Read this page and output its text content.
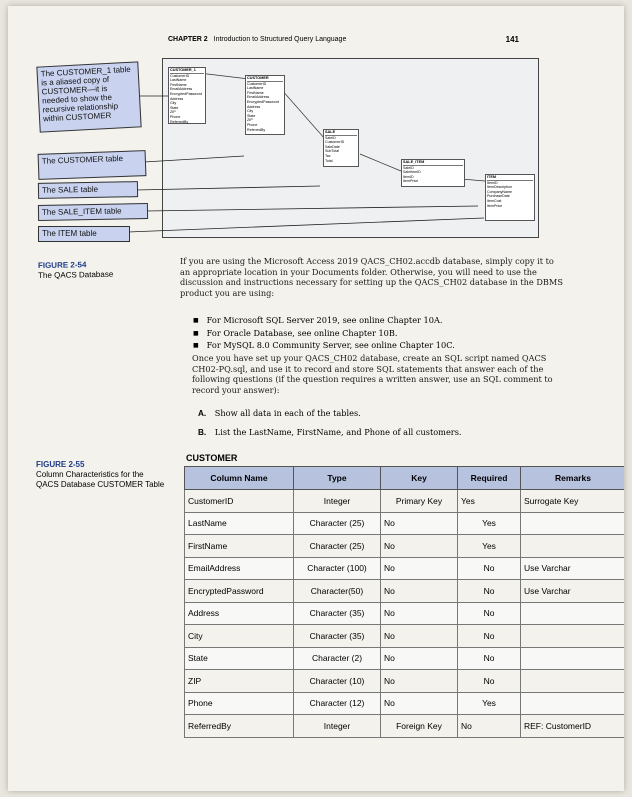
CHAPTER 2 Introduction to Structured Query Language	141
CUSTOMER_1
CustomerID
LastName
FirstName
EmailAddress
EncryptedPassword
Address
City
State
ZIP
Phone
ReferredBy
CUSTOMER
CustomerID
LastName
FirstName
EmailAddress
EncryptedPassword
Address
City
State
ZIP
Phone
ReferredBy
SALE
SaleID
CustomerID
SaleDate
SubTotal
Tax
Total	SALE_ITEM
SaleID
SaleItemID
ItemID
ItemPrice
ITEM
ItemID
ItemDescription
CompanyName
PurchaseDate
ItemCost
ItemPrice
The CUSTOMER_1 table is a aliased copy of CUSTOMER—it is needed to show the recursive relationship within CUSTOMER
The CUSTOMER table
The SALE table
The SALE_ITEM table
The ITEM table
FIGURE 2-54
The QACS Database
If you are using the Microsoft Access 2019 QACS_CH02.accdb database, simply copy it to an appropriate location in your Documents folder. Otherwise, you will need to use the discussion and instructions necessary for setting up the QACS_CH02 database in the DBMS product you are using:
■ For Microsoft SQL Server 2019, see online Chapter 10A.
■ For Oracle Database, see online Chapter 10B.
■ For MySQL 8.0 Community Server, see online Chapter 10C.
Once you have set up your QACS_CH02 database, create an SQL script named QACS CH02-PQ.sql, and use it to record and store SQL statements that answer each of the following questions (if the question requires a written answer, use an SQL comment to record your answer):
A. Show all data in each of the tables.
B. List the LastName, FirstName, and Phone of all customers.
FIGURE 2-55
Column Characteristics for the QACS Database CUSTOMER Table
CUSTOMER
Column Name	Type	Key	Required	Remarks
CustomerID	Integer	Primary Key	Yes	Surrogate Key
LastName	Character (25)	No	Yes	
FirstName	Character (25)	No	Yes	
EmailAddress	Character (100)	No	No	Use Varchar
EncryptedPassword	Character(50)	No	No	Use Varchar
Address	Character (35)	No	No	
City	Character (35)	No	No	
State	Character (2)	No	No	
ZIP	Character (10)	No	No	
Phone	Character (12)	No	Yes	
ReferredBy	Integer	Foreign Key	No	REF: CustomerID
